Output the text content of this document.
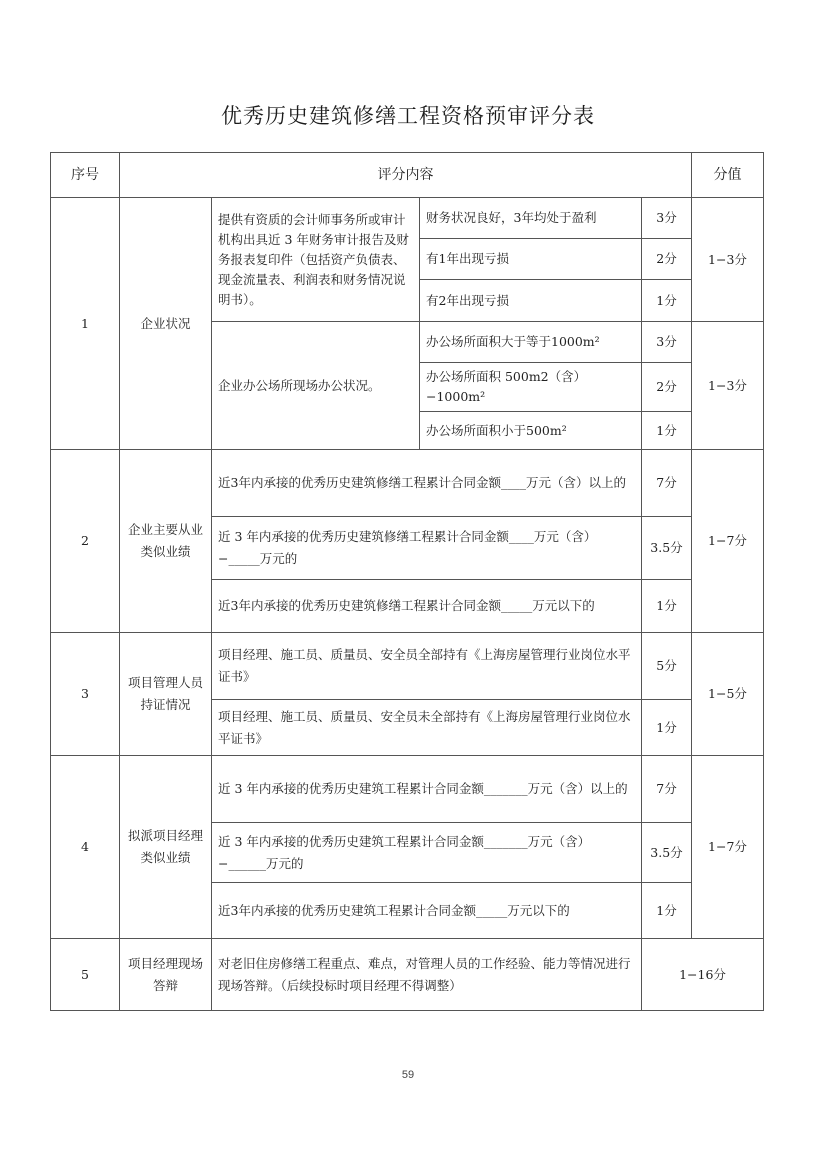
优秀历史建筑修缮工程资格预审评分表
序号	评分内容				分值
1	企业状况	提供有资质的会计师事务所或审计机构出具近 3 年财务审计报告及财务报表复印件（包括资产负债表、现金流量表、利润表和财务情况说明书）。	财务状况良好，3年均处于盈利	3分	1−3分
			有1年出现亏损	2分	
			有2年出现亏损	1分	
		企业办公场所现场办公状况。	办公场所面积大于等于1000m²	3分	1−3分
			办公场所面积 500m2（含）−1000m²	2分	
			办公场所面积小于500m²	1分	
2	企业主要从业类似业绩	近3年内承接的优秀历史建筑修缮工程累计合同金额____万元（含）以上的		7分	1−7分
		近 3 年内承接的优秀历史建筑修缮工程累计合同金额____万元（含）−_____万元的		3.5分	
		近3年内承接的优秀历史建筑修缮工程累计合同金额_____万元以下的		1分	
3	项目管理人员持证情况	项目经理、施工员、质量员、安全员全部持有《上海房屋管理行业岗位水平证书》		5分	1−5分
		项目经理、施工员、质量员、安全员未全部持有《上海房屋管理行业岗位水平证书》		1分	
4	拟派项目经理类似业绩	近 3 年内承接的优秀历史建筑工程累计合同金额_______万元（含）以上的		7分	1−7分
		近 3 年内承接的优秀历史建筑工程累计合同金额_______万元（含）−______万元的		3.5分	
		近3年内承接的优秀历史建筑工程累计合同金额_____万元以下的		1分	
5	项目经理现场答辩	对老旧住房修缮工程重点、难点，对管理人员的工作经验、能力等情况进行现场答辩。（后续投标时项目经理不得调整）		1−16分	
59
